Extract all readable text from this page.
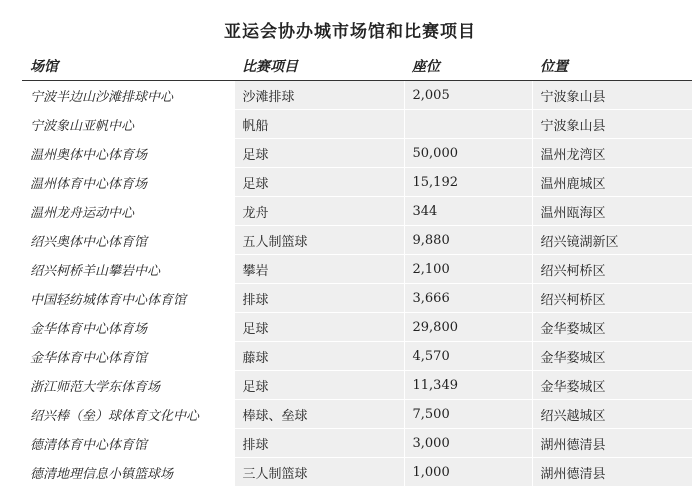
亚运会协办城市场馆和比赛项目
场馆	比赛项目	座位	位置
宁波半边山沙滩排球中心	沙滩排球	2,005	宁波象山县
宁波象山亚帆中心	帆船		宁波象山县
温州奥体中心体育场	足球	50,000	温州龙湾区
温州体育中心体育场	足球	15,192	温州鹿城区
温州龙舟运动中心	龙舟	344	温州瓯海区
绍兴奥体中心体育馆	五人制篮球	9,880	绍兴镜湖新区
绍兴柯桥羊山攀岩中心	攀岩	2,100	绍兴柯桥区
中国轻纺城体育中心体育馆	排球	3,666	绍兴柯桥区
金华体育中心体育场	足球	29,800	金华婺城区
金华体育中心体育馆	藤球	4,570	金华婺城区
浙江师范大学东体育场	足球	11,349	金华婺城区
绍兴棒（垒）球体育文化中心	棒球、垒球	7,500	绍兴越城区
德清体育中心体育馆	排球	3,000	湖州德清县
德清地理信息小镇篮球场	三人制篮球	1,000	湖州德清县
